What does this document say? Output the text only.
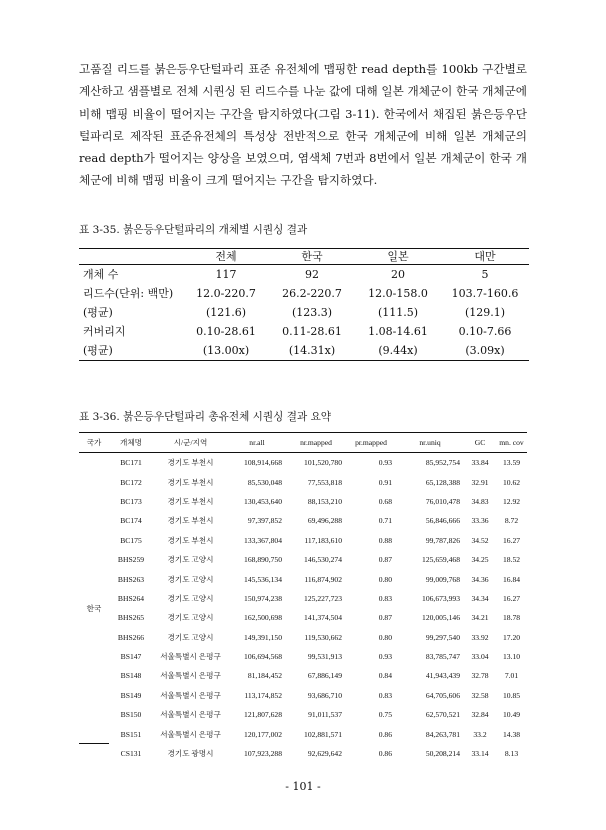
고품질 리드를 붉은등우단털파리 표준 유전체에 맵핑한 read depth를 100kb 구간별로 계산하고 샘플별로 전체 시퀀싱 된 리드수를 나눈 값에 대해 일본 개체군이 한국 개체군에 비해 맵핑 비율이 떨어지는 구간을 탐지하였다(그림 3-11). 한국에서 채집된 붉은등우단털파리로 제작된 표준유전체의 특성상 전반적으로 한국 개체군에 비해 일본 개체군의 read depth가 떨어지는 양상을 보였으며, 염색체 7번과 8번에서 일본 개체군이 한국 개체군에 비해 맵핑 비율이 크게 떨어지는 구간을 탐지하였다.
표 3-35. 붉은등우단털파리의 개체별 시퀀싱 결과
	전체	한국	일본	대만
개체 수	117	92	20	5
리드수(단위: 백만)	12.0-220.7	26.2-220.7	12.0-158.0	103.7-160.6
(평균)	(121.6)	(123.3)	(111.5)	(129.1)
커버리지	0.10-28.61	0.11-28.61	1.08-14.61	0.10-7.66
(평균)	(13.00x)	(14.31x)	(9.44x)	(3.09x)
표 3-36. 붉은등우단털파리 총유전체 시퀀싱 결과 요약
국가	개체명	시/군/지역	nr.all	nr.mapped	pr.mapped	nr.uniq	GC	mn. cov
한국	BC171	경기도 부천시	108,914,668	101,520,780	0.93	85,952,754	33.84	13.59
	BC172	경기도 부천시	85,530,048	77,553,818	0.91	65,128,388	32.91	10.62
	BC173	경기도 부천시	130,453,640	88,153,210	0.68	76,010,478	34.83	12.92
	BC174	경기도 부천시	97,397,852	69,496,288	0.71	56,846,666	33.36	8.72
	BC175	경기도 부천시	133,367,804	117,183,610	0.88	99,787,826	34.52	16.27
	BHS259	경기도 고양시	168,890,750	146,530,274	0.87	125,659,468	34.25	18.52
	BHS263	경기도 고양시	145,536,134	116,874,902	0.80	99,009,768	34.36	16.84
	BHS264	경기도 고양시	150,974,238	125,227,723	0.83	106,673,993	34.34	16.27
	BHS265	경기도 고양시	162,500,698	141,374,504	0.87	120,005,146	34.21	18.78
	BHS266	경기도 고양시	149,391,150	119,530,662	0.80	99,297,540	33.92	17.20
	BS147	서울특별시 은평구	106,694,568	99,531,913	0.93	83,785,747	33.04	13.10
	BS148	서울특별시 은평구	81,184,452	67,886,149	0.84	41,943,439	32.78	7.01
	BS149	서울특별시 은평구	113,174,852	93,686,710	0.83	64,705,606	32.58	10.85
	BS150	서울특별시 은평구	121,807,628	91,011,537	0.75	62,570,521	32.84	10.49
	BS151	서울특별시 은평구	120,177,002	102,881,571	0.86	84,263,781	33.2	14.38
	CS131	경기도 광명시	107,923,288	92,629,642	0.86	50,208,214	33.14	8.13
- 101 -
